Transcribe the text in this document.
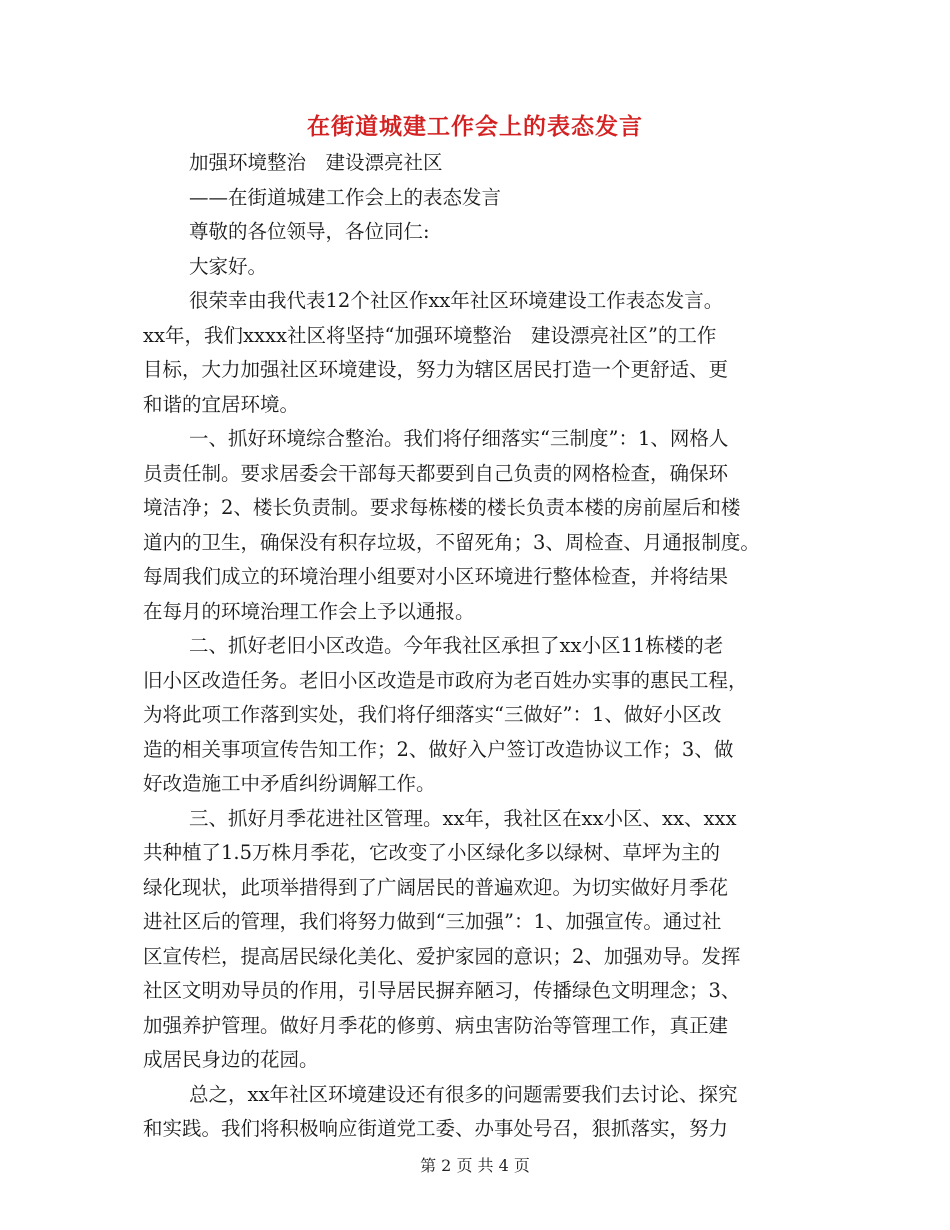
在街道城建工作会上的表态发言
加强环境整治　建设漂亮社区
——在街道城建工作会上的表态发言
尊敬的各位领导，各位同仁:
大家好。
很荣幸由我代表12个社区作xx年社区环境建设工作表态发言。
xx年，我们xxxx社区将坚持“加强环境整治　建设漂亮社区”的工作
目标，大力加强社区环境建设，努力为辖区居民打造一个更舒适、更
和谐的宜居环境。
一、抓好环境综合整治。我们将仔细落实“三制度”：1、网格人
员责任制。要求居委会干部每天都要到自己负责的网格检查，确保环
境洁净；2、楼长负责制。要求每栋楼的楼长负责本楼的房前屋后和楼
道内的卫生，确保没有积存垃圾，不留死角；3、周检查、月通报制度。
每周我们成立的环境治理小组要对小区环境进行整体检查，并将结果
在每月的环境治理工作会上予以通报。
二、抓好老旧小区改造。今年我社区承担了xx小区11栋楼的老
旧小区改造任务。老旧小区改造是市政府为老百姓办实事的惠民工程，
为将此项工作落到实处，我们将仔细落实“三做好”：1、做好小区改
造的相关事项宣传告知工作；2、做好入户签订改造协议工作；3、做
好改造施工中矛盾纠纷调解工作。
三、抓好月季花进社区管理。xx年，我社区在xx小区、xx、xxx
共种植了1.5万株月季花，它改变了小区绿化多以绿树、草坪为主的
绿化现状，此项举措得到了广阔居民的普遍欢迎。为切实做好月季花
进社区后的管理，我们将努力做到“三加强”：1、加强宣传。通过社
区宣传栏，提高居民绿化美化、爱护家园的意识；2、加强劝导。发挥
社区文明劝导员的作用，引导居民摒弃陋习，传播绿色文明理念；3、
加强养护管理。做好月季花的修剪、病虫害防治等管理工作，真正建
成居民身边的花园。
总之，xx年社区环境建设还有很多的问题需要我们去讨论、探究
和实践。我们将积极响应街道党工委、办事处号召，狠抓落实，努力
第 2 页 共 4 页
